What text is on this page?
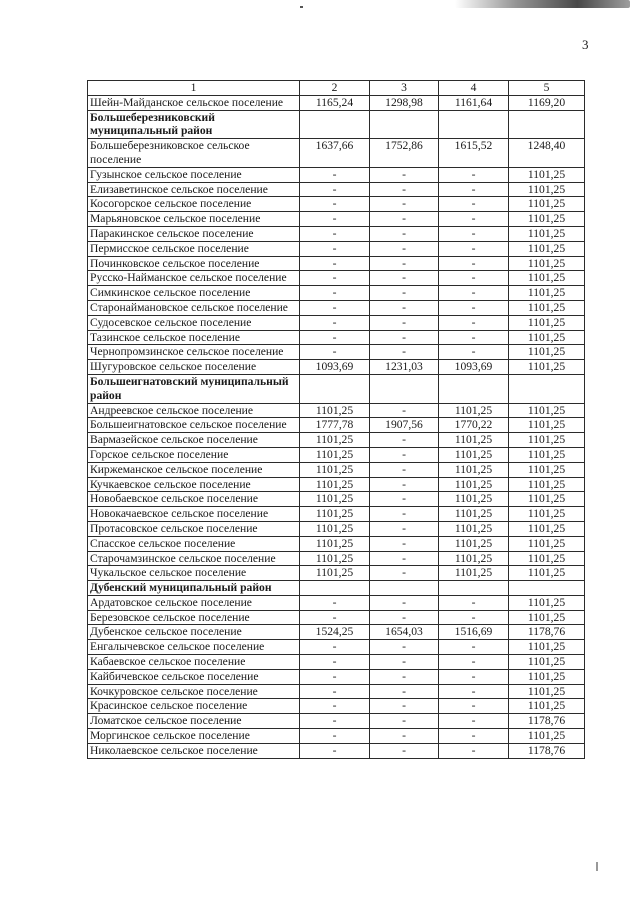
3
1	2	3	4	5
Шейн-Майданское сельское поселение	1165,24	1298,98	1161,64	1169,20
Большеберезниковский муниципальный район				
Большеберезниковское сельское поселение	1637,66	1752,86	1615,52	1248,40
Гузынское сельское поселение	-	-	-	1101,25
Елизаветинское сельское поселение	-	-	-	1101,25
Косогорское сельское поселение	-	-	-	1101,25
Марьяновское сельское поселение	-	-	-	1101,25
Паракинское сельское поселение	-	-	-	1101,25
Пермисское сельское поселение	-	-	-	1101,25
Починковское сельское поселение	-	-	-	1101,25
Русско-Найманское сельское поселение	-	-	-	1101,25
Симкинское сельское поселение	-	-	-	1101,25
Старонаймановское сельское поселение	-	-	-	1101,25
Судосевское сельское поселение	-	-	-	1101,25
Тазинское сельское поселение	-	-	-	1101,25
Чернопромзинское сельское поселение	-	-	-	1101,25
Шугуровское сельское поселение	1093,69	1231,03	1093,69	1101,25
Большеигнатовский муниципальный район				
Андреевское сельское поселение	1101,25	-	1101,25	1101,25
Большеигнатовское сельское поселение	1777,78	1907,56	1770,22	1101,25
Вармазейское сельское поселение	1101,25	-	1101,25	1101,25
Горское сельское поселение	1101,25	-	1101,25	1101,25
Киржеманское сельское поселение	1101,25	-	1101,25	1101,25
Кучкаевское сельское поселение	1101,25	-	1101,25	1101,25
Новобаевское сельское поселение	1101,25	-	1101,25	1101,25
Новокачаевское сельское поселение	1101,25	-	1101,25	1101,25
Протасовское сельское поселение	1101,25	-	1101,25	1101,25
Спасское сельское поселение	1101,25	-	1101,25	1101,25
Старочамзинское сельское поселение	1101,25	-	1101,25	1101,25
Чукальское сельское поселение	1101,25	-	1101,25	1101,25
Дубенский муниципальный район				
Ардатовское сельское поселение	-	-	-	1101,25
Березовское сельское поселение	-	-	-	1101,25
Дубенское сельское поселение	1524,25	1654,03	1516,69	1178,76
Енгалычевское сельское поселение	-	-	-	1101,25
Кабаевское сельское поселение	-	-	-	1101,25
Кайбичевское сельское поселение	-	-	-	1101,25
Кочкуровское сельское поселение	-	-	-	1101,25
Красинское сельское поселение	-	-	-	1101,25
Ломатское сельское поселение	-	-	-	1178,76
Моргинское сельское поселение	-	-	-	1101,25
Николаевское сельское поселение	-	-	-	1178,76
